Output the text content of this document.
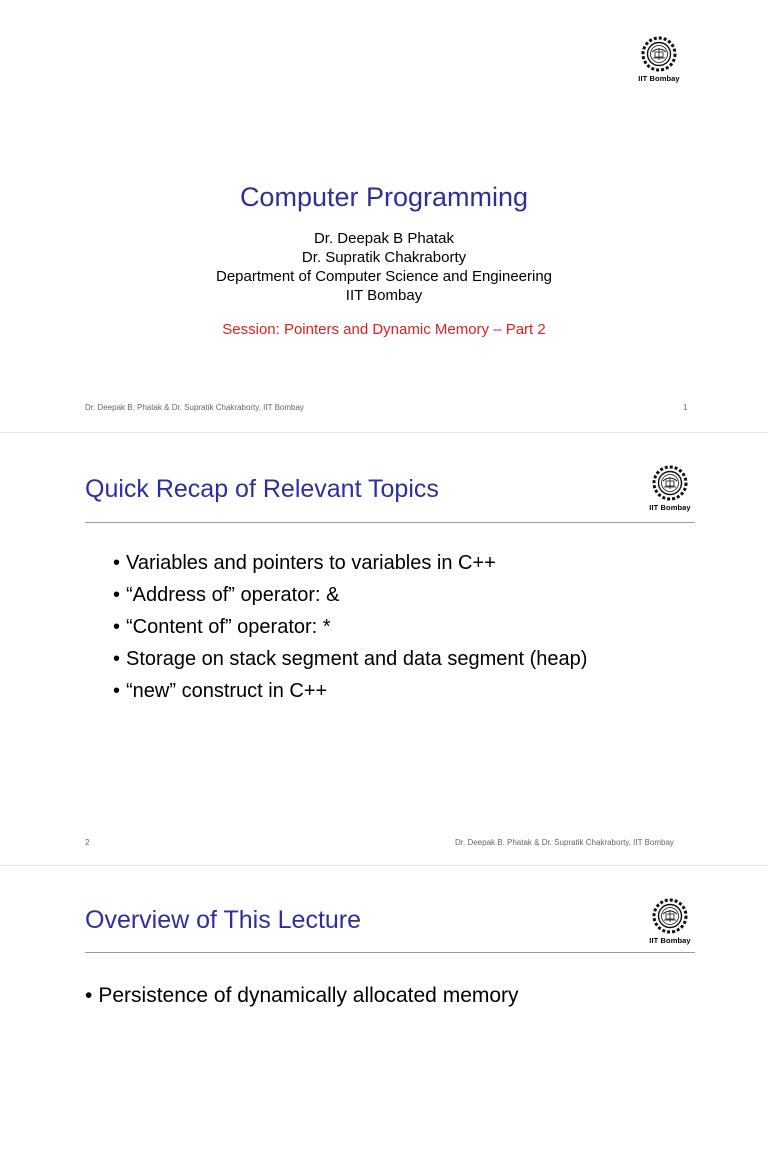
IIT Bombay
Computer Programming
Dr. Deepak B Phatak
Dr. Supratik Chakraborty
Department of Computer Science and Engineering
IIT Bombay
Session: Pointers and Dynamic Memory – Part 2
Dr. Deepak B. Phatak & Dr. Supratik Chakraborty, IIT Bombay	1
Quick Recap of Relevant Topics
IIT Bombay
• Variables and pointers to variables in C++
• “Address of” operator: &
• “Content of” operator: *
• Storage on stack segment and data segment (heap)
• “new” construct in C++
2	Dr. Deepak B. Phatak & Dr. Supratik Chakraborty, IIT Bombay
Overview of This Lecture
IIT Bombay
• Persistence of dynamically allocated memory
